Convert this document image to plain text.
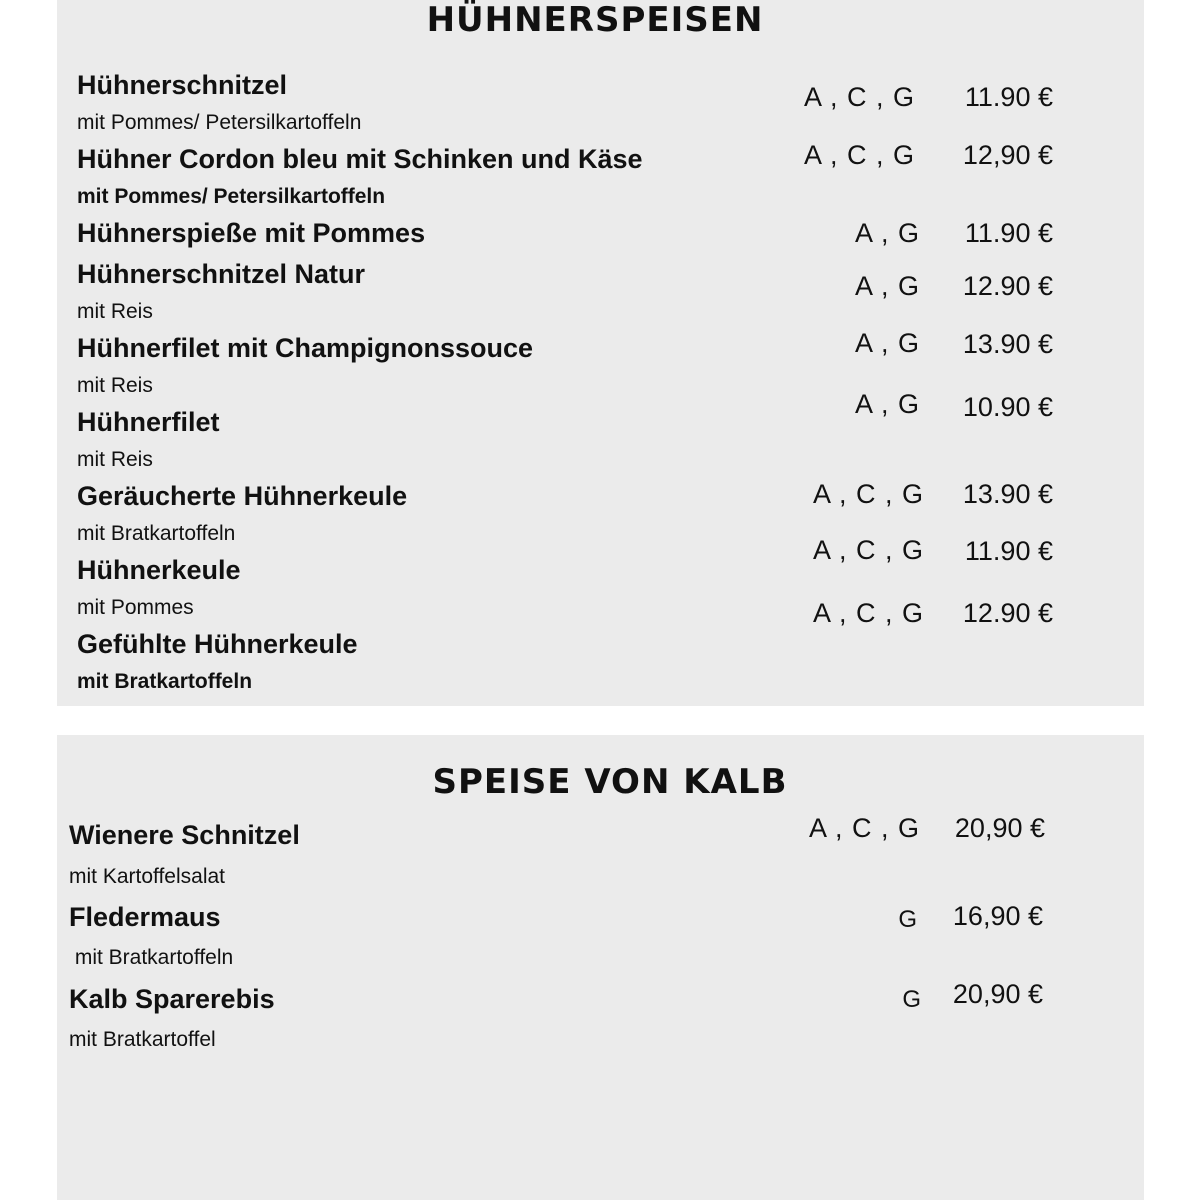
HÜHNERSPEISEN
Hühnerschnitzel
mit Pommes/ Petersilkartoffeln
A , C , G 11.90 €
Hühner Cordon bleu mit Schinken und Käse
mit Pommes/ Petersilkartoffeln
A , C , G 12,90 €
Hühnerspieße mit Pommes	A , G 11.90 €
Hühnerschnitzel Natur
mit Reis
A , G 12.90 €
Hühnerfilet mit Champignonssouce
mit Reis
A , G 13.90 €
Hühnerfilet
mit Reis
A , G 10.90 €
Geräucherte Hühnerkeule
mit Bratkartoffeln
A , C , G 13.90 €
Hühnerkeule
mit Pommes
A , C , G 11.90 €
Gefühlte Hühnerkeule
mit Bratkartoffeln
A , C , G 12.90 €
SPEISE VON KALB
Wienere Schnitzel
mit Kartoffelsalat
A , C , G 20,90 €
Fledermaus
mit Bratkartoffeln
G 16,90 €
Kalb Sparerebis
mit Bratkartoffel
G 20,90 €
